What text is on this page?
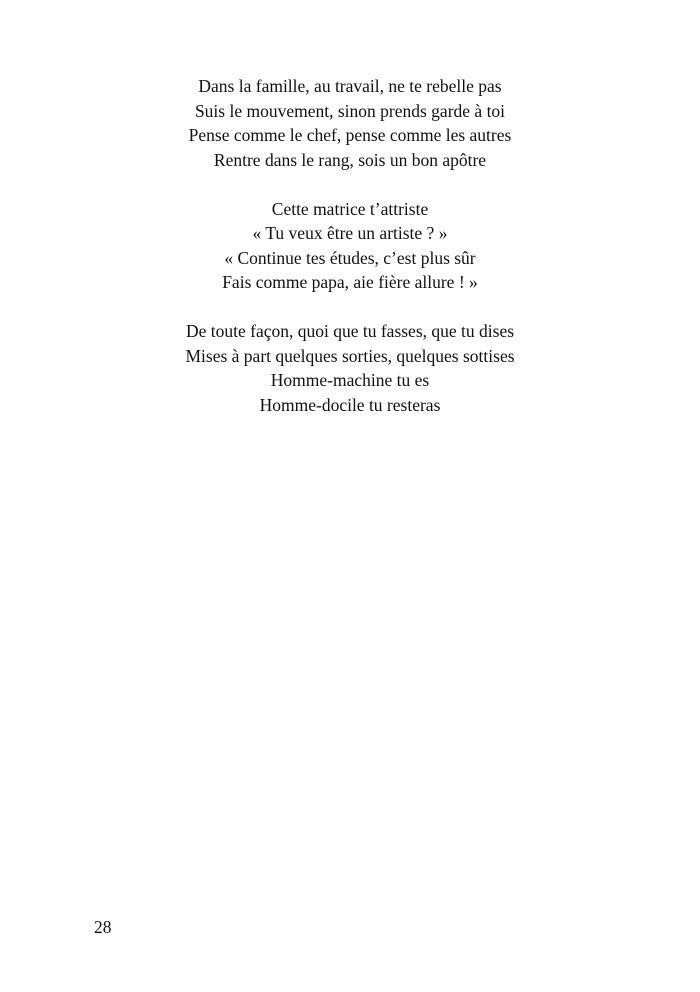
Dans la famille, au travail, ne te rebelle pas
Suis le mouvement, sinon prends garde à toi
Pense comme le chef, pense comme les autres
Rentre dans le rang, sois un bon apôtre
Cette matrice t’attriste
« Tu veux être un artiste ? »
« Continue tes études, c’est plus sûr
Fais comme papa, aie fière allure ! »
De toute façon, quoi que tu fasses, que tu dises
Mises à part quelques sorties, quelques sottises
Homme-machine tu es
Homme-docile tu resteras
28
